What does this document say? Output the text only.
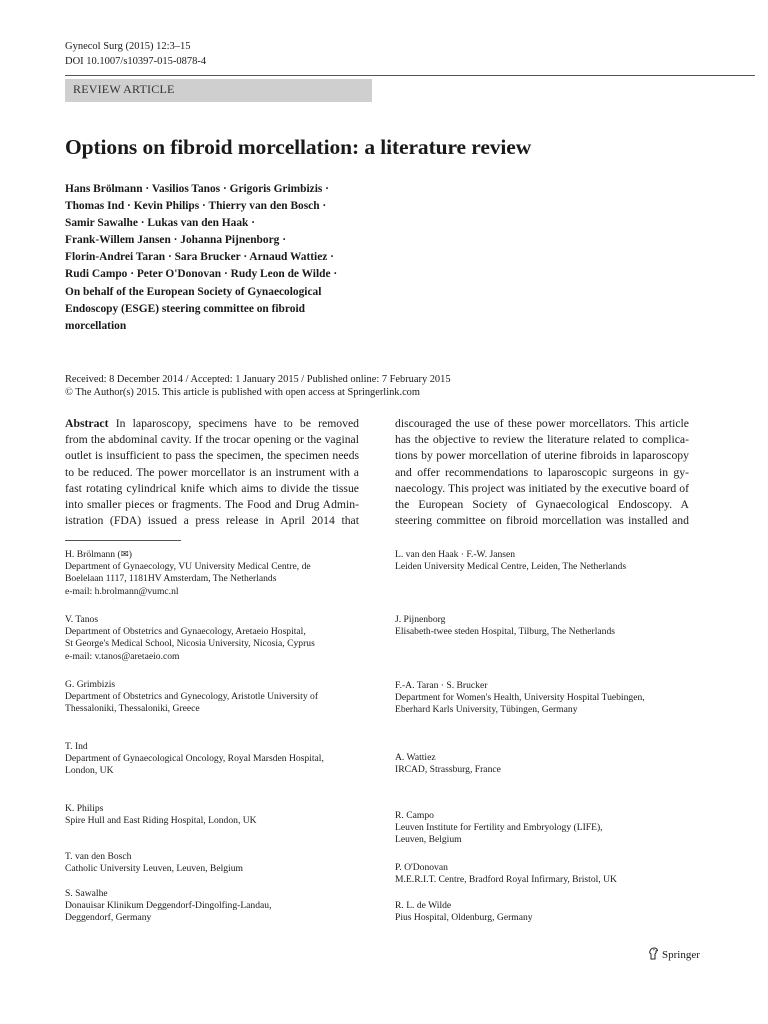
Gynecol Surg (2015) 12:3–15
DOI 10.1007/s10397-015-0878-4
REVIEW ARTICLE
Options on fibroid morcellation: a literature review
Hans Brölmann · Vasilios Tanos · Grigoris Grimbizis ·
Thomas Ind · Kevin Philips · Thierry van den Bosch ·
Samir Sawalhe · Lukas van den Haak ·
Frank-Willem Jansen · Johanna Pijnenborg ·
Florin-Andrei Taran · Sara Brucker · Arnaud Wattiez ·
Rudi Campo · Peter O'Donovan · Rudy Leon de Wilde ·
On behalf of the European Society of Gynaecological
Endoscopy (ESGE) steering committee on fibroid
morcellation
Received: 8 December 2014 / Accepted: 1 January 2015 / Published online: 7 February 2015
© The Author(s) 2015. This article is published with open access at Springerlink.com
Abstract In laparoscopy, specimens have to be removed
from the abdominal cavity. If the trocar opening or the vaginal
outlet is insufficient to pass the specimen, the specimen needs
to be reduced. The power morcellator is an instrument with a
fast rotating cylindrical knife which aims to divide the tissue
into smaller pieces or fragments. The Food and Drug Admin-
istration (FDA) issued a press release in April 2014 that
discouraged the use of these power morcellators. This article
has the objective to review the literature related to complica-
tions by power morcellation of uterine fibroids in laparoscopy
and offer recommendations to laparoscopic surgeons in gy-
naecology. This project was initiated by the executive board of
the European Society of Gynaecological Endoscopy. A
steering committee on fibroid morcellation was installed and
H. Brölmann (✉)
Department of Gynaecology, VU University Medical Centre, de
Boelelaan 1117, 1181HV Amsterdam, The Netherlands
e-mail: h.brolmann@vumc.nl
V. Tanos
Department of Obstetrics and Gynaecology, Aretaeio Hospital,
St George's Medical School, Nicosia University, Nicosia, Cyprus
e-mail: v.tanos@aretaeio.com
G. Grimbizis
Department of Obstetrics and Gynecology, Aristotle University of
Thessaloniki, Thessaloniki, Greece
T. Ind
Department of Gynaecological Oncology, Royal Marsden Hospital,
London, UK
K. Philips
Spire Hull and East Riding Hospital, London, UK
T. van den Bosch
Catholic University Leuven, Leuven, Belgium
S. Sawalhe
Donauisar Klinikum Deggendorf-Dingolfing-Landau,
Deggendorf, Germany
L. van den Haak · F.-W. Jansen
Leiden University Medical Centre, Leiden, The Netherlands
J. Pijnenborg
Elisabeth-twee steden Hospital, Tilburg, The Netherlands
F.-A. Taran · S. Brucker
Department for Women's Health, University Hospital Tuebingen,
Eberhard Karls University, Tübingen, Germany
A. Wattiez
IRCAD, Strassburg, France
R. Campo
Leuven Institute for Fertility and Embryology (LIFE),
Leuven, Belgium
P. O'Donovan
M.E.R.I.T. Centre, Bradford Royal Infirmary, Bristol, UK
R. L. de Wilde
Pius Hospital, Oldenburg, Germany
Springer
